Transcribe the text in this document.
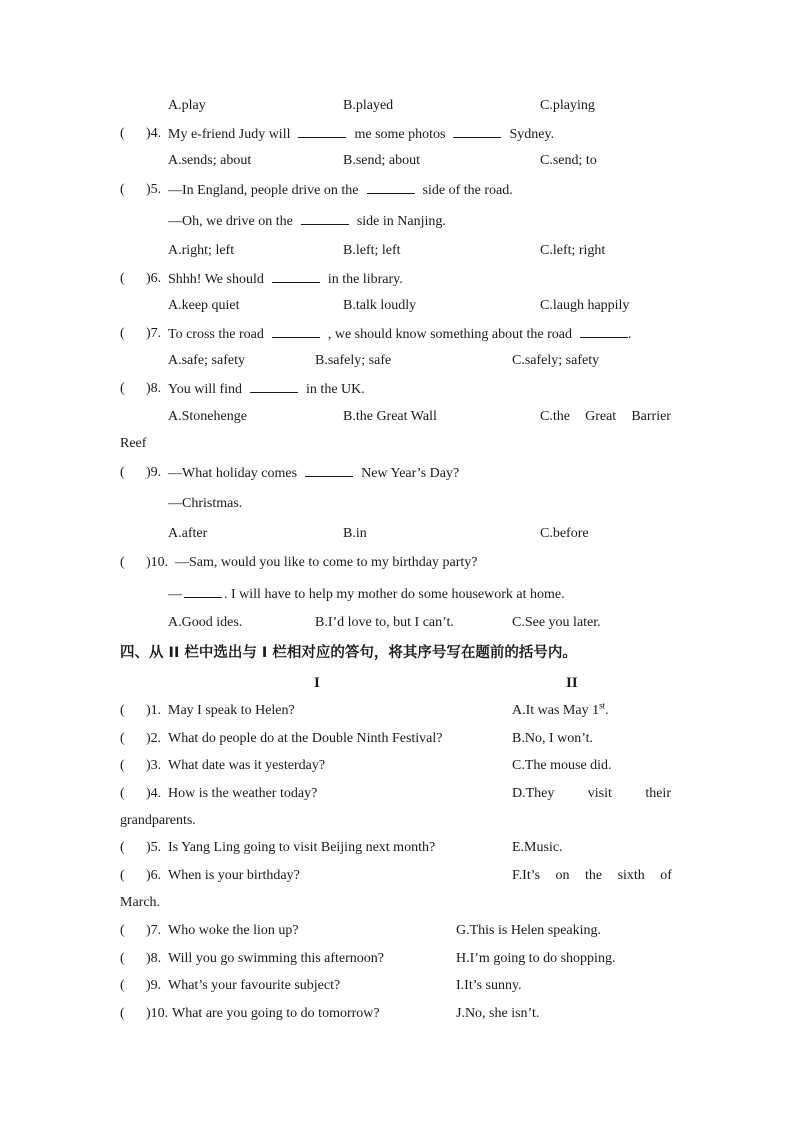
A.play	B.played	C.playing
( )4. My e-friend Judy will	me some photos	Sydney.
A.sends; about	B.send; about	C.send; to
( )5. —In England, people drive on the	side of the road.
—Oh, we drive on the	side in Nanjing.
A.right; left	B.left; left	C.left; right
( )6. Shhh! We should	in the library.
A.keep quiet	B.talk loudly	C.laugh happily
( )7. To cross the road	, we should know something about the road	.
A.safe; safety	B.safely; safe	C.safely; safety
( )8. You will find	in the UK.
A.Stonehenge	B.the Great Wall	C.the Great Barrier
Reef
( )9. —What holiday comes	New Year’s Day?
—Christmas.
A.after	B.in	C.before
( )10. —Sam, would you like to come to my birthday party?
—	. I will have to help my mother do some housework at home.
A.Good ides.	B.I’d love to, but I can’t.	C.See you later.
四、从 II 栏中选出与 I 栏相对应的答句，将其序号写在题前的括号内。
I	II
( )1. May I speak to Helen?	A.It was May 1st.
( )2. What do people do at the Double Ninth Festival?	B.No, I won’t.
( )3. What date was it yesterday?	C.The mouse did.
( )4. How is the weather today?	D.They visit their
grandparents.
( )5. Is Yang Ling going to visit Beijing next month?	E.Music.
( )6. When is your birthday?	F.It’s on the sixth of
March.
( )7. Who woke the lion up?	G.This is Helen speaking.
( )8. Will you go swimming this afternoon?	H.I’m going to do shopping.
( )9. What’s your favourite subject?	I.It’s sunny.
( )10. What are you going to do tomorrow?	J.No, she isn’t.
